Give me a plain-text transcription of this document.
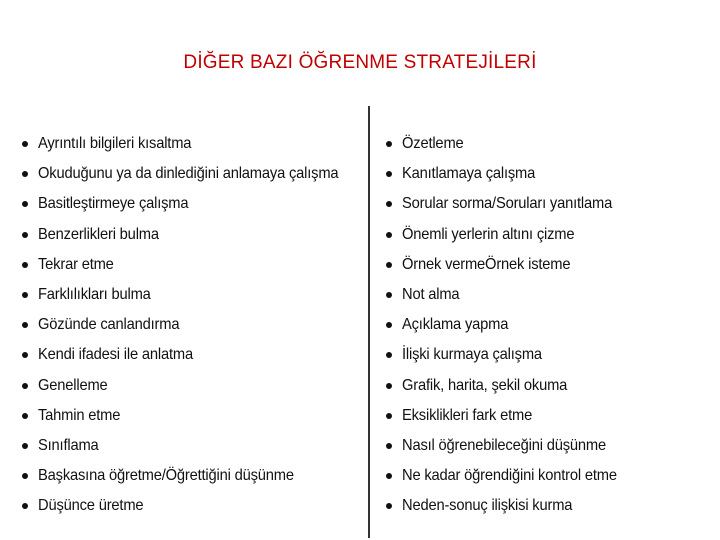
DİĞER BAZI ÖĞRENME STRATEJİLERİ
Ayrıntılı bilgileri kısaltma
Okuduğunu ya da dinlediğini anlamaya çalışma
Basitleştirmeye çalışma
Benzerlikleri bulma
Tekrar etme
Farklılıkları bulma
Gözünde canlandırma
Kendi ifadesi ile anlatma
Genelleme
Tahmin etme
Sınıflama
Başkasına öğretme/Öğrettiğini düşünme
Düşünce üretme
Özetleme
Kanıtlamaya çalışma
Sorular sorma/Soruları yanıtlama
Önemli yerlerin altını çizme
Örnek vermeÖrnek isteme
Not alma
Açıklama yapma
İlişki kurmaya çalışma
Grafik, harita, şekil okuma
Eksiklikleri fark etme
Nasıl öğrenebileceğini düşünme
Ne kadar öğrendiğini kontrol etme
Neden-sonuç ilişkisi kurma
